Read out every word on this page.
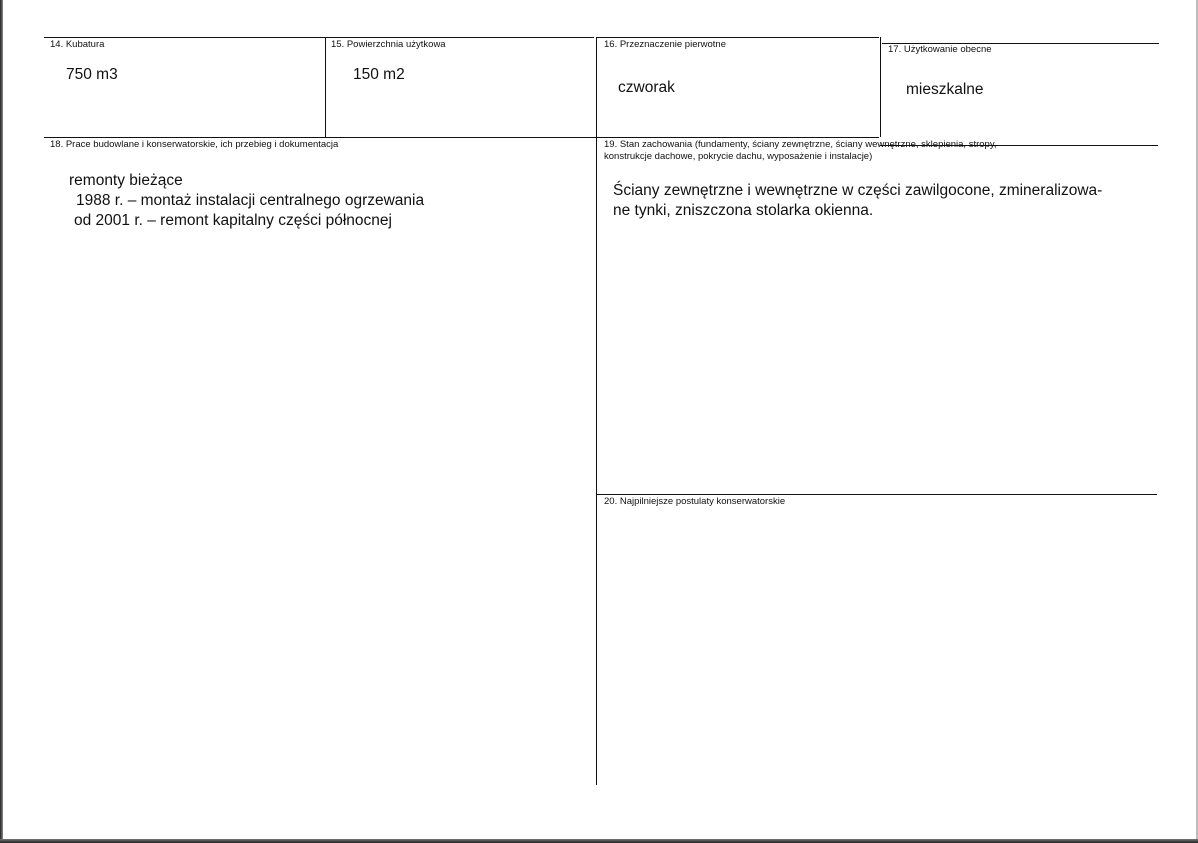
14. Kubatura
750 m3
15. Powierzchnia użytkowa
150 m2
16. Przeznaczenie pierwotne
czworak
17. Użytkowanie obecne
mieszkalne
18. Prace budowlane i konserwatorskie, ich przebieg i dokumentacja
remonty bieżące
1988 r. – montaż instalacji centralnego ogrzewania
od 2001 r. – remont kapitalny części północnej
19. Stan zachowania (fundamenty, ściany zewnętrzne, ściany wewnętrzne, sklepienia, stropy,
konstrukcje dachowe, pokrycie dachu, wyposażenie i instalacje)
Ściany zewnętrzne i wewnętrzne w części zawilgocone, zmineralizowa-
ne tynki, zniszczona stolarka okienna.
20. Najpilniejsze postulaty konserwatorskie
